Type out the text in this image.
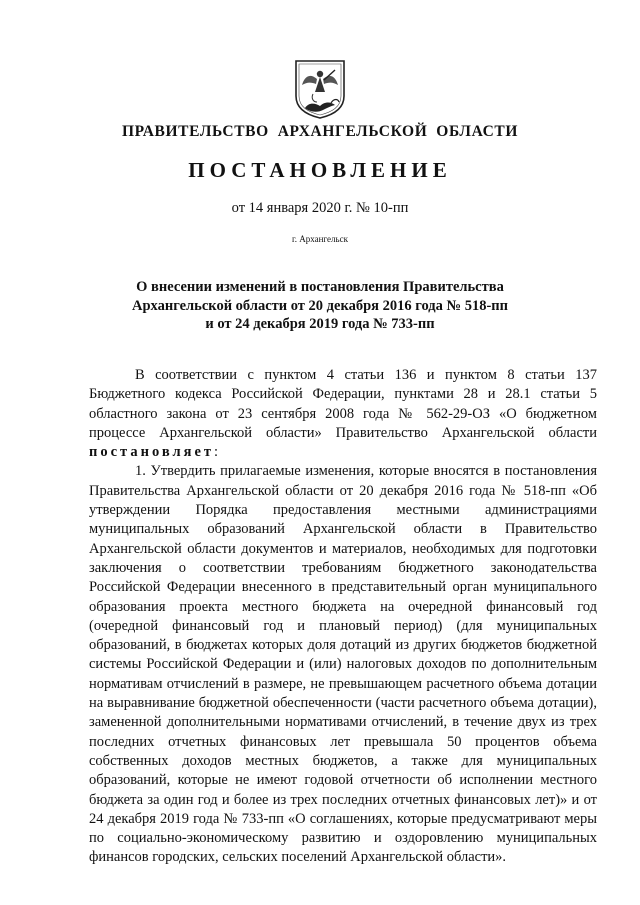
ПРАВИТЕЛЬСТВО  АРХАНГЕЛЬСКОЙ  ОБЛАСТИ
ПОСТАНОВЛЕНИЕ
от 14 января 2020 г. № 10-пп
г. Архангельск
О внесении изменений в постановления Правительства
Архангельской области от 20 декабря 2016 года № 518-пп
и от 24 декабря 2019 года № 733-пп

В соответствии с пунктом 4 статьи 136 и пунктом 8 статьи 137 Бюджетного кодекса Российской Федерации, пунктами 28 и 28.1 статьи 5 областного закона от 23 сентября 2008 года № 562-29-ОЗ «О бюджетном процессе Архангельской области» Правительство Архангельской области постановляет:

1. Утвердить прилагаемые изменения, которые вносятся в постановления Правительства Архангельской области от 20 декабря 2016 года № 518-пп «Об утверждении Порядка предоставления местными администрациями муниципальных образований Архангельской области в Правительство Архангельской области документов и материалов, необходимых для подготовки заключения о соответствии требованиям бюджетного законодательства Российской Федерации внесенного в представительный орган муниципального образования проекта местного бюджета на очередной финансовый год (очередной финансовый год и плановый период) (для муниципальных образований, в бюджетах которых доля дотаций из других бюджетов бюджетной системы Российской Федерации и (или) налоговых доходов по дополнительным нормативам отчислений в размере, не превышающем расчетного объема дотации на выравнивание бюджетной обеспеченности (части расчетного объема дотации), замененной дополнительными нормативами отчислений, в течение двух из трех последних отчетных финансовых лет превышала 50 процентов объема собственных доходов местных бюджетов, а также для муниципальных образований, которые не имеют годовой отчетности об исполнении местного бюджета за один год и более из трех последних отчетных финансовых лет)» и от 24 декабря 2019 года № 733-пп «О соглашениях, которые предусматривают меры по социально-экономическому развитию и оздоровлению муниципальных финансов городских, сельских поселений Архангельской области».
